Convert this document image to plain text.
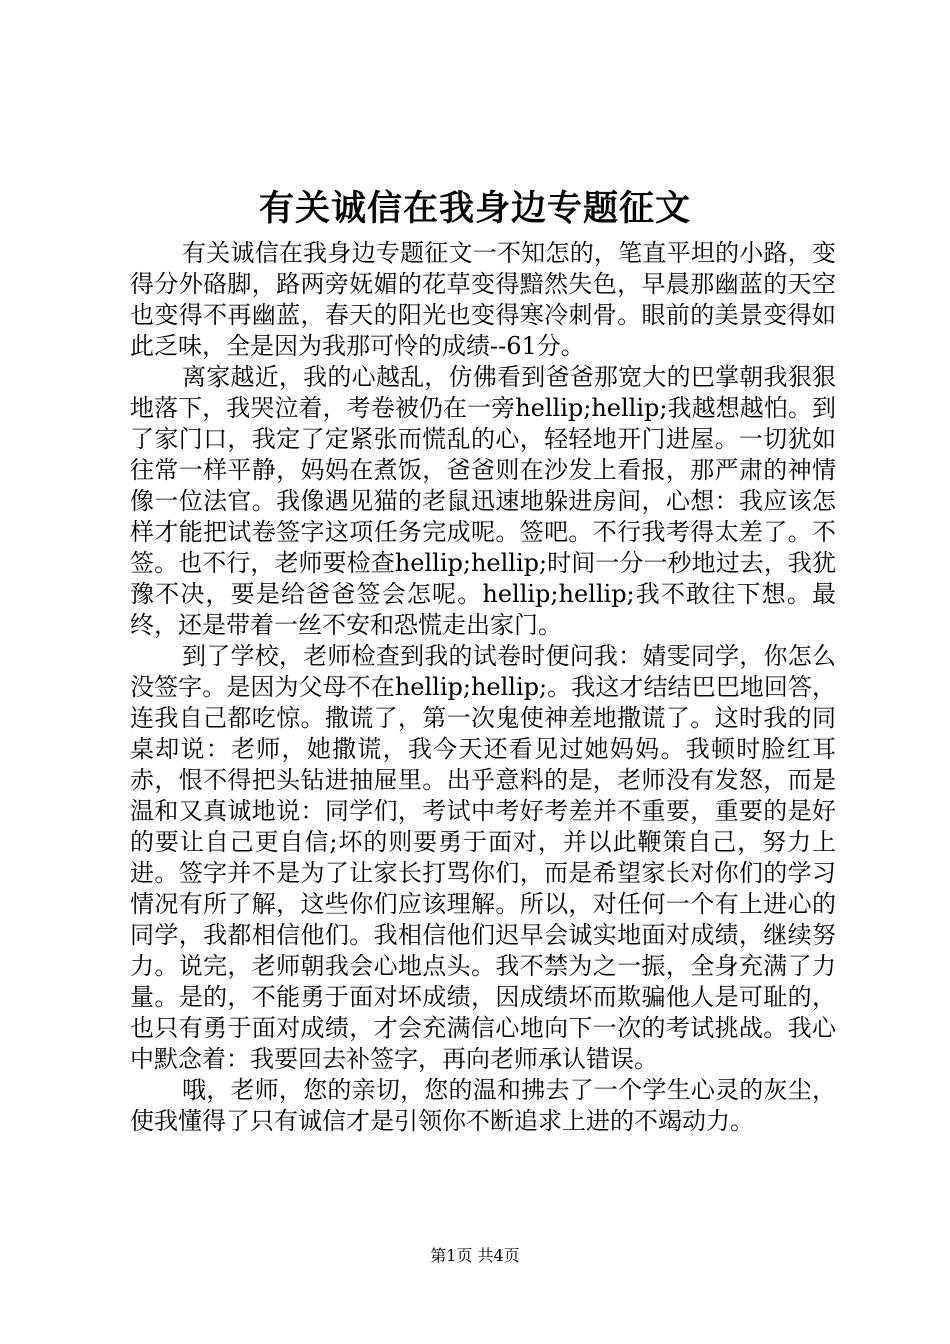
有关诚信在我身边专题征文

有关诚信在我身边专题征文一不知怎的，笔直平坦的小路，变得分外硌脚，路两旁妩媚的花草变得黯然失色，早晨那幽蓝的天空也变得不再幽蓝，春天的阳光也变得寒冷刺骨。眼前的美景变得如此乏味，全是因为我那可怜的成绩--61分。

离家越近，我的心越乱，仿佛看到爸爸那宽大的巴掌朝我狠狠地落下，我哭泣着，考卷被仍在一旁hellip;hellip;我越想越怕。到了家门口，我定了定紧张而慌乱的心，轻轻地开门进屋。一切犹如往常一样平静，妈妈在煮饭，爸爸则在沙发上看报，那严肃的神情像一位法官。我像遇见猫的老鼠迅速地躲进房间，心想：我应该怎样才能把试卷签字这项任务完成呢。签吧。不行我考得太差了。不签。也不行，老师要检查hellip;hellip;时间一分一秒地过去，我犹豫不决，要是给爸爸签会怎呢。hellip;hellip;我不敢往下想。最终，还是带着一丝不安和恐慌走出家门。

到了学校，老师检查到我的试卷时便问我：婧雯同学，你怎么没签字。是因为父母不在hellip;hellip;。我这才结结巴巴地回答，连我自己都吃惊。撒谎了，第一次鬼使神差地撒谎了。这时我的同桌却说：老师，她撒谎，我今天还看见过她妈妈。我顿时脸红耳赤，恨不得把头钻进抽屉里。出乎意料的是，老师没有发怒，而是温和又真诚地说：同学们，考试中考好考差并不重要，重要的是好的要让自己更自信;坏的则要勇于面对，并以此鞭策自己，努力上进。签字并不是为了让家长打骂你们，而是希望家长对你们的学习情况有所了解，这些你们应该理解。所以，对任何一个有上进心的同学，我都相信他们。我相信他们迟早会诚实地面对成绩，继续努力。说完，老师朝我会心地点头。我不禁为之一振，全身充满了力量。是的，不能勇于面对坏成绩，因成绩坏而欺骗他人是可耻的，也只有勇于面对成绩，才会充满信心地向下一次的考试挑战。我心中默念着：我要回去补签字，再向老师承认错误。

哦，老师，您的亲切，您的温和拂去了一个学生心灵的灰尘，使我懂得了只有诚信才是引领你不断追求上进的不竭动力。

第1页 共4页
